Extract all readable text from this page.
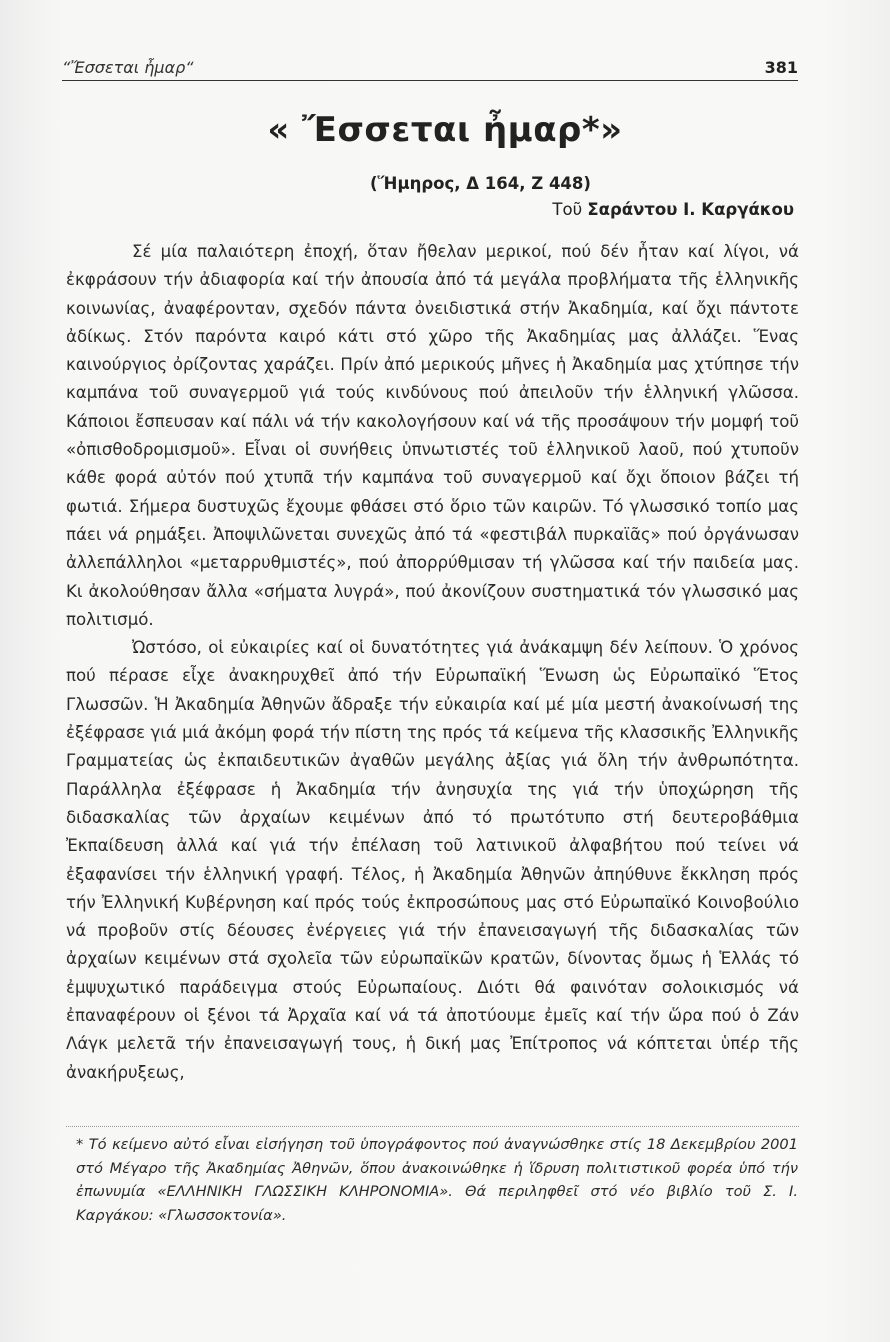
“Ἔσσεται ἦμαρ“	381
« Ἔσσεται ἦμαρ*»
(Ἥμηρος, Δ 164, Ζ 448)
Τοῦ Σαράντου Ι. Καργάκου

Σέ μία παλαιότερη ἐποχή, ὅταν ἤθελαν μερικοί, πού δέν ἦταν καί λίγοι, νά ἐκφράσουν τήν ἀδιαφορία καί τήν ἀπουσία ἀπό τά μεγάλα προβλήματα τῆς ἑλληνικῆς κοινωνίας, ἀναφέρονταν, σχεδόν πάντα ὀνειδιστικά στήν Ἀκαδημία, καί ὄχι πάντοτε ἀδίκως. Στόν παρόντα καιρό κάτι στό χῶρο τῆς Ἀκαδημίας μας ἀλλάζει. Ἕνας καινούργιος ὀρίζοντας χαράζει. Πρίν ἀπό μερικούς μῆνες ἡ Ἀκαδημία μας χτύπησε τήν καμπάνα τοῦ συναγερμοῦ γιά τούς κινδύνους πού ἀπειλοῦν τήν ἑλληνική γλῶσσα. Κάποιοι ἔσπευσαν καί πάλι νά τήν κακολογήσουν καί νά τῆς προσάψουν τήν μομφή τοῦ «ὀπισθοδρομισμοῦ». Εἶναι οἱ συνήθεις ὑπνωτιστές τοῦ ἑλληνικοῦ λαοῦ, πού χτυποῦν κάθε φορά αὐτόν πού χτυπᾶ τήν καμπάνα τοῦ συναγερμοῦ καί ὄχι ὅποιον βάζει τή φωτιά. Σήμερα δυστυχῶς ἔχουμε φθάσει στό ὅριο τῶν καιρῶν. Τό γλωσσικό τοπίο μας πάει νά ρημάξει. Ἀποψιλῶνεται συνεχῶς ἀπό τά «φεστιβάλ πυρκαϊᾶς» πού ὀργάνωσαν ἀλλεπάλληλοι «μεταρρυθμιστές», πού ἀπορρύθμισαν τή γλῶσσα καί τήν παιδεία μας. Κι ἀκολούθησαν ἄλλα «σήματα λυγρά», πού ἀκονίζουν συστηματικά τόν γλωσσικό μας πολιτισμό.

Ὠστόσο, οἱ εὐκαιρίες καί οἱ δυνατότητες γιά ἀνάκαμψη δέν λείπουν. Ὁ χρόνος πού πέρασε εἶχε ἀνακηρυχθεῖ ἀπό τήν Εὐρωπαϊκή Ἕνωση ὡς Εὐρωπαϊκό Ἕτος Γλωσσῶν. Ἡ Ἀκαδημία Ἀθηνῶν ἄδραξε τήν εὐκαιρία καί μέ μία μεστή ἀνακοίνωσή της ἐξέφρασε γιά μιά ἀκόμη φορά τήν πίστη της πρός τά κείμενα τῆς κλασσικῆς Ἐλληνικῆς Γραμματείας ὡς ἐκπαιδευτικῶν ἀγαθῶν μεγάλης ἀξίας γιά ὅλη τήν ἀνθρωπότητα. Παράλληλα ἐξέφρασε ἡ Ἀκαδημία τήν ἀνησυχία της γιά τήν ὑποχώρηση τῆς διδασκαλίας τῶν ἀρχαίων κειμένων ἀπό τό πρωτότυπο στή δευτεροβάθμια Ἐκπαίδευση ἀλλά καί γιά τήν ἐπέλαση τοῦ λατινικοῦ ἀλφαβήτου πού τείνει νά ἐξαφανίσει τήν ἑλληνική γραφή. Τέλος, ἡ Ἀκαδημία Ἀθηνῶν ἀπηύθυνε ἔκκληση πρός τήν Ἐλληνική Κυβέρνηση καί πρός τούς ἐκπροσώπους μας στό Εὐρωπαϊκό Κοινοβούλιο νά προβοῦν στίς δέουσες ἐνέργειες γιά τήν ἐπανεισαγωγή τῆς διδασκαλίας τῶν ἀρχαίων κειμένων στά σχολεῖα τῶν εὐρωπαϊκῶν κρατῶν, δίνοντας ὄμως ἡ Ἑλλάς τό ἐμψυχωτικό παράδειγμα στούς Εὐρωπαίους. Διότι θά φαινόταν σολοικισμός νά ἐπαναφέρουν οἱ ξένοι τά Ἀρχαῖα καί νά τά ἀποτύουμε ἐμεῖς καί τήν ὥρα πού ὁ Ζάν Λάγκ μελετᾶ τήν ἐπανεισαγωγή τους, ἡ δική μας Ἐπίτροπος νά κόπτεται ὑπέρ τῆς ἀνακήρυξεως,

* Τό κείμενο αὐτό εἶναι εἰσήγηση τοῦ ὑπογράφοντος πού ἀναγνώσθηκε στίς 18 Δεκεμβρίου 2001 στό Μέγαρο τῆς Ἀκαδημίας Ἀθηνῶν, ὅπου ἀνακοινώθηκε ἡ ἵδρυση πολιτιστικοῦ φορέα ὑπό τήν ἐπωνυμία «ΕΛΛΗΝΙΚΗ ΓΛΩΣΣΙΚΗ ΚΛΗΡΟΝΟΜΙΑ». Θά περιληφθεῖ στό νέο βιβλίο τοῦ Σ. Ι. Καργάκου: «Γλωσσοκτονία».
